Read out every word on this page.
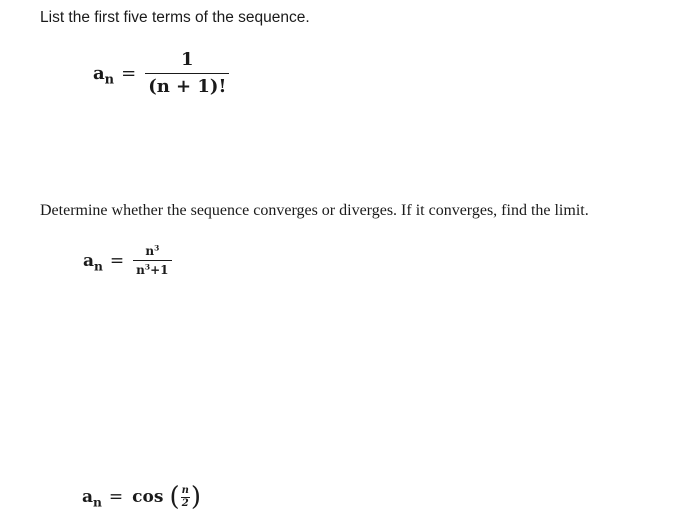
List the first five terms of the sequence.
$a_n = \frac{1}{(n + 1)!}$
Determine whether the sequence converges or diverges. If it converges, find the limit.
$a_n = \frac{n^3}{n^3+1}$
$a_n = \cos$ ( $\frac{n}{2}$ )
